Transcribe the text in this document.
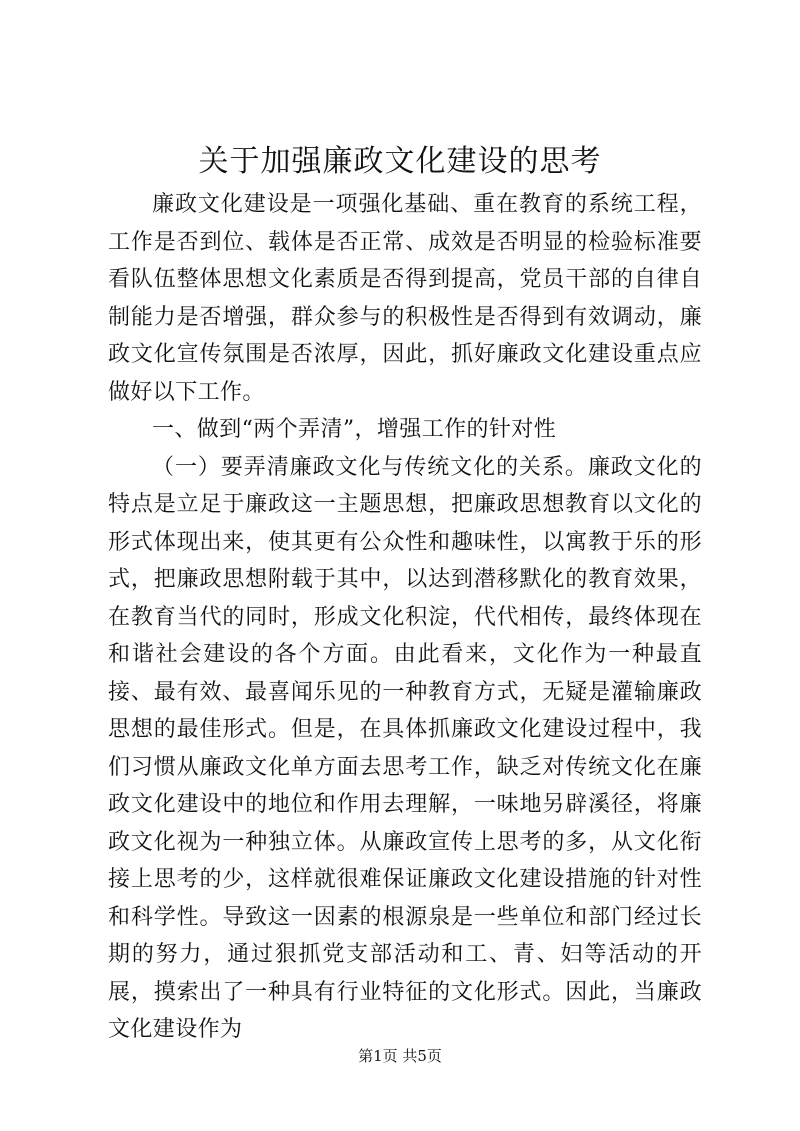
关于加强廉政文化建设的思考

廉政文化建设是一项强化基础、重在教育的系统工程，工作是否到位、载体是否正常、成效是否明显的检验标准要看队伍整体思想文化素质是否得到提高，党员干部的自律自制能力是否增强，群众参与的积极性是否得到有效调动，廉政文化宣传氛围是否浓厚，因此，抓好廉政文化建设重点应做好以下工作。

一、做到“两个弄清”，增强工作的针对性

（一）要弄清廉政文化与传统文化的关系。廉政文化的特点是立足于廉政这一主题思想，把廉政思想教育以文化的形式体现出来，使其更有公众性和趣味性，以寓教于乐的形式，把廉政思想附载于其中，以达到潜移默化的教育效果，在教育当代的同时，形成文化积淀，代代相传，最终体现在和谐社会建设的各个方面。由此看来，文化作为一种最直接、最有效、最喜闻乐见的一种教育方式，无疑是灌输廉政思想的最佳形式。但是，在具体抓廉政文化建设过程中，我们习惯从廉政文化单方面去思考工作，缺乏对传统文化在廉政文化建设中的地位和作用去理解，一味地另辟溪径，将廉政文化视为一种独立体。从廉政宣传上思考的多，从文化衔接上思考的少，这样就很难保证廉政文化建设措施的针对性和科学性。导致这一因素的根源泉是一些单位和部门经过长期的努力，通过狠抓党支部活动和工、青、妇等活动的开展，摸索出了一种具有行业特征的文化形式。因此，当廉政文化建设作为

第1页 共5页
